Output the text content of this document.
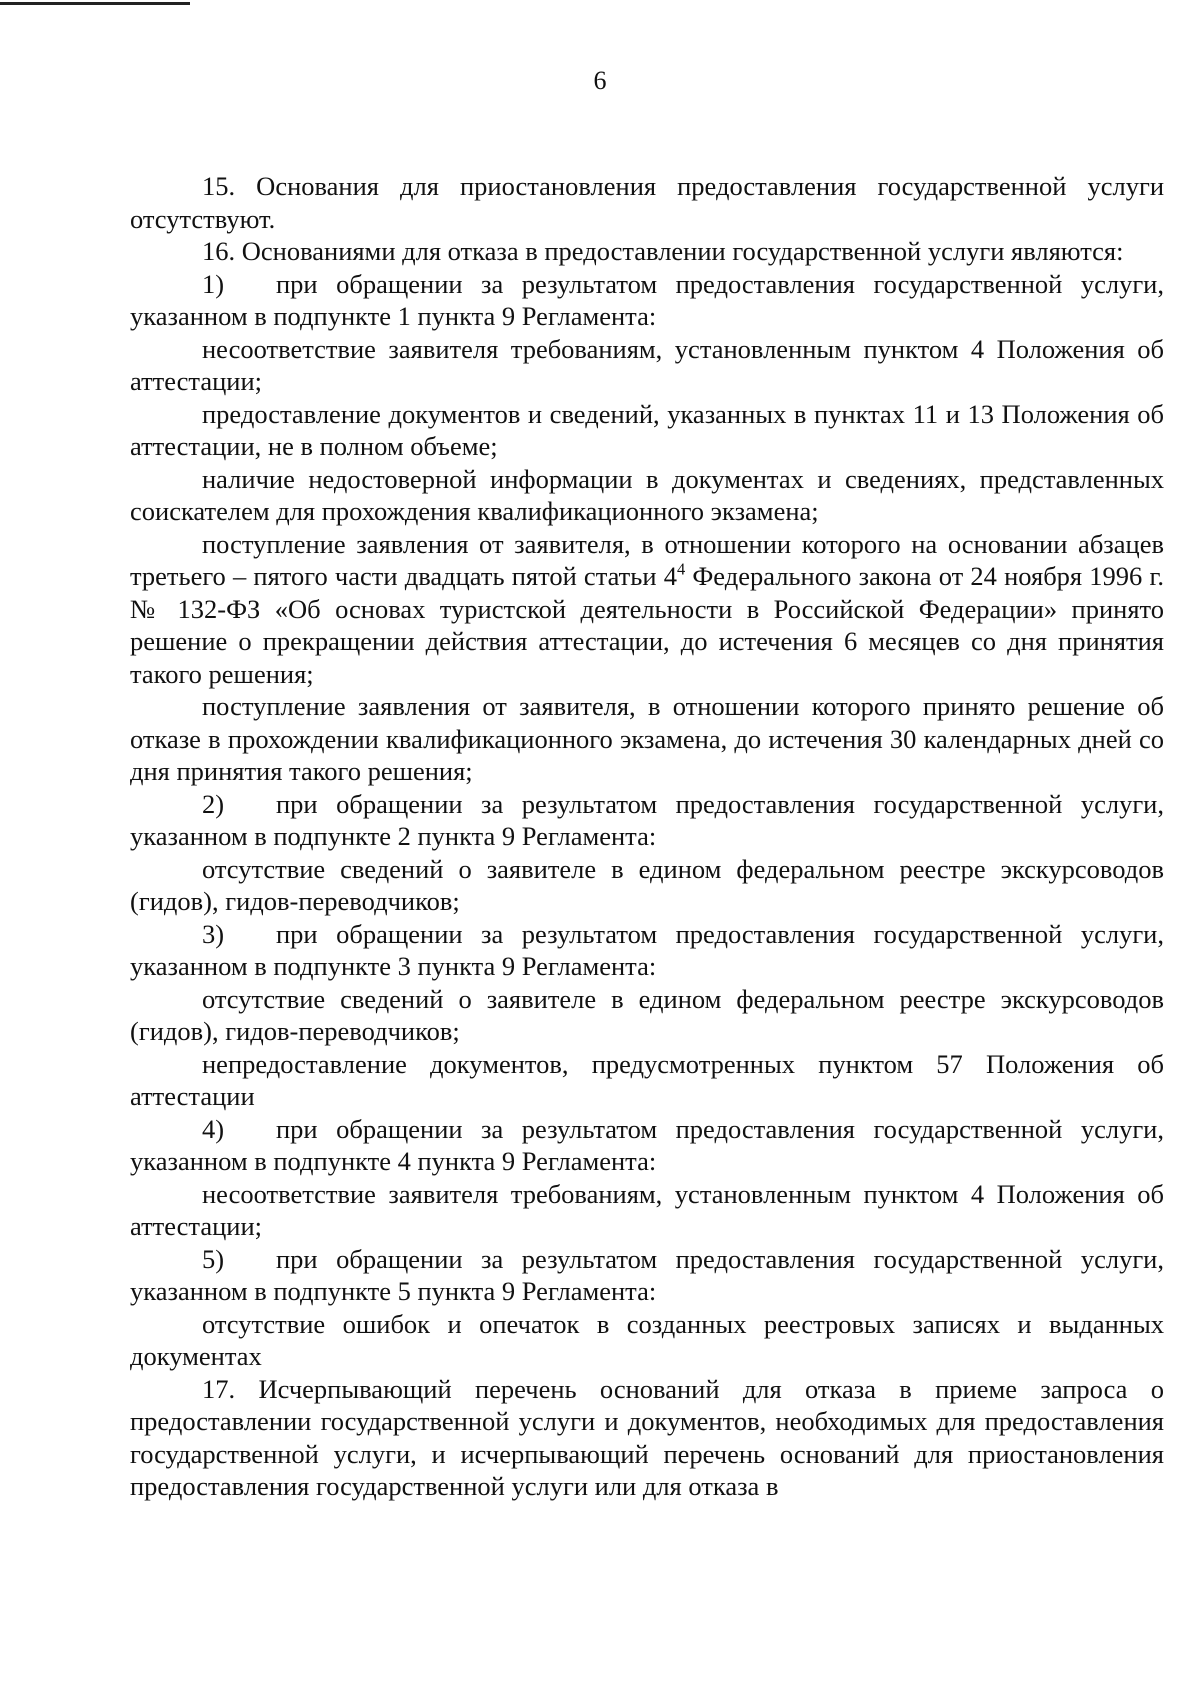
6

15. Основания для приостановления предоставления государственной услуги отсутствуют.

16. Основаниями для отказа в предоставлении государственной услуги являются:

1) при обращении за результатом предоставления государственной услуги, указанном в подпункте 1 пункта 9 Регламента:

несоответствие заявителя требованиям, установленным пунктом 4 Положения об аттестации;

предоставление документов и сведений, указанных в пунктах 11 и 13 Положения об аттестации, не в полном объеме;

наличие недостоверной информации в документах и сведениях, представленных соискателем для прохождения квалификационного экзамена;

поступление заявления от заявителя, в отношении которого на основании абзацев третьего – пятого части двадцать пятой статьи $4^4$ Федерального закона от 24 ноября 1996 г. № 132-ФЗ «Об основах туристской деятельности в Российской Федерации» принято решение о прекращении действия аттестации, до истечения 6 месяцев со дня принятия такого решения;

поступление заявления от заявителя, в отношении которого принято решение об отказе в прохождении квалификационного экзамена, до истечения 30 календарных дней со дня принятия такого решения;

2) при обращении за результатом предоставления государственной услуги, указанном в подпункте 2 пункта 9 Регламента:

отсутствие сведений о заявителе в едином федеральном реестре экскурсоводов (гидов), гидов-переводчиков;

3) при обращении за результатом предоставления государственной услуги, указанном в подпункте 3 пункта 9 Регламента:

отсутствие сведений о заявителе в едином федеральном реестре экскурсоводов (гидов), гидов-переводчиков;

непредоставление документов, предусмотренных пунктом 57 Положения об аттестации

4) при обращении за результатом предоставления государственной услуги, указанном в подпункте 4 пункта 9 Регламента:

несоответствие заявителя требованиям, установленным пунктом 4 Положения об аттестации;

5) при обращении за результатом предоставления государственной услуги, указанном в подпункте 5 пункта 9 Регламента:

отсутствие ошибок и опечаток в созданных реестровых записях и выданных документах

17. Исчерпывающий перечень оснований для отказа в приеме запроса о предоставлении государственной услуги и документов, необходимых для предоставления государственной услуги, и исчерпывающий перечень оснований для приостановления предоставления государственной услуги или для отказа в
